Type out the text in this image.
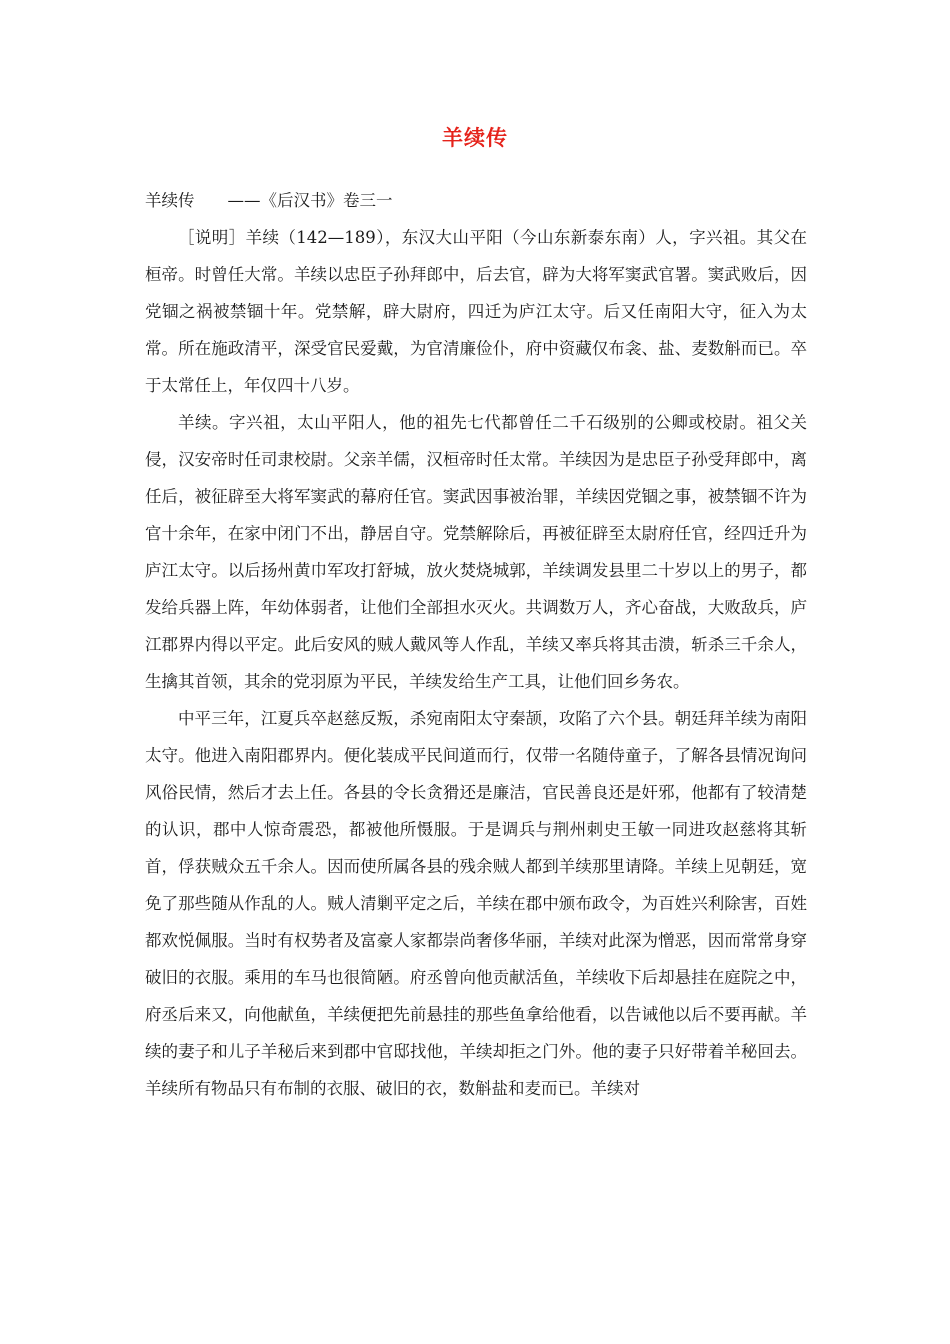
羊续传

羊续传　　——《后汉书》卷三一

［说明］羊续（142—189），东汉大山平阳（今山东新泰东南）人，字兴祖。其父在桓帝。时曾任大常。羊续以忠臣子孙拜郎中，后去官，辟为大将军窦武官署。窦武败后，因党锢之祸被禁锢十年。党禁解，辟大尉府，四迁为庐江太守。后又任南阳大守，征入为太常。所在施政清平，深受官民爱戴，为官清廉俭仆，府中资藏仅布衾、盐、麦数斛而已。卒于太常任上，年仅四十八岁。

羊续。字兴祖，太山平阳人，他的祖先七代都曾任二千石级别的公卿或校尉。祖父关侵，汉安帝时任司隶校尉。父亲羊儒，汉桓帝时任太常。羊续因为是忠臣子孙受拜郎中，离任后，被征辟至大将军窦武的幕府任官。窦武因事被治罪，羊续因党锢之事，被禁锢不许为官十余年，在家中闭门不出，静居自守。党禁解除后，再被征辟至太尉府任官，经四迁升为庐江太守。以后扬州黄巾军攻打舒城，放火焚烧城郭，羊续调发县里二十岁以上的男子，都发给兵器上阵，年幼体弱者，让他们全部担水灭火。共调数万人，齐心奋战，大败敌兵，庐江郡界内得以平定。此后安风的贼人戴风等人作乱，羊续又率兵将其击溃，斩杀三千余人，生擒其首领，其余的党羽原为平民，羊续发给生产工具，让他们回乡务农。

中平三年，江夏兵卒赵慈反叛，杀宛南阳太守秦颉，攻陷了六个县。朝廷拜羊续为南阳太守。他进入南阳郡界内。便化装成平民间道而行，仅带一名随侍童子，了解各县情况询问风俗民情，然后才去上任。各县的令长贪猾还是廉洁，官民善良还是奸邪，他都有了较清楚的认识，郡中人惊奇震恐，都被他所慑服。于是调兵与荆州刺史王敏一同进攻赵慈将其斩首，俘获贼众五千余人。因而使所属各县的残余贼人都到羊续那里请降。羊续上见朝廷，宽免了那些随从作乱的人。贼人清剿平定之后，羊续在郡中颁布政令，为百姓兴利除害，百姓都欢悦佩服。当时有权势者及富豪人家都崇尚奢侈华丽，羊续对此深为憎恶，因而常常身穿破旧的衣服。乘用的车马也很简陋。府丞曾向他贡献活鱼，羊续收下后却悬挂在庭院之中，府丞后来又，向他献鱼，羊续便把先前悬挂的那些鱼拿给他看，以告诫他以后不要再献。羊续的妻子和儿子羊秘后来到郡中官邸找他，羊续却拒之门外。他的妻子只好带着羊秘回去。羊续所有物品只有布制的衣服、破旧的衣，数斛盐和麦而已。羊续对
